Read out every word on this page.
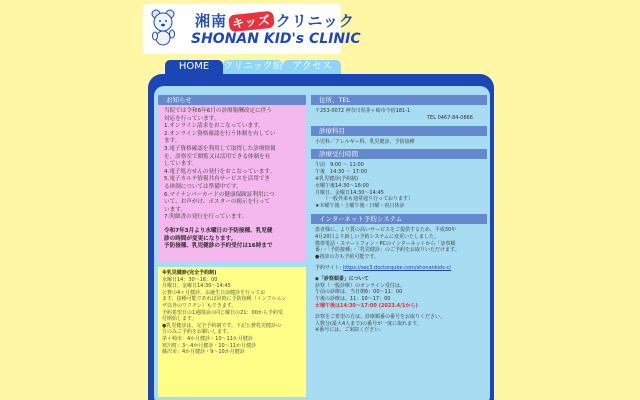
湘南 キッズ クリニック
SHONAN KID's CLINIC
HOME	クリニック紹 アクセス
お知らせ

当院では令和6年6月の診療報酬改定に伴う

対応を行っています。

1.オンライン請求をおこなっています。

2.オンライン資格確認を行う体制を有してい

ます。

3.電子資格確認を利用して取得した診療情報

を、診察室で閲覧又は活用できる体制を有

しています。

4.電子処方せんの発行をおこなっています。

5.電子カルテ情報共有サービスを活用でき

る体制については準備中です。

6.マイナンバーカードの健康保険証利用につ

いて、お声がけ、ポスターの掲示を行って

います。

7.明細書の発行を行っています。

令和7年3月より水曜日の予防接種、乳児健

診の時間が変更になります。

予防接種、乳児健診の予約受付は16時まで

※乳児健診(完全予約制)

水曜日14：30～16：00

月曜日、金曜日14:30～14:45

公費の4ヶ月健診、お誕生日前健診を行ってお

ます。接種可能であれば同時に予防接種（インフルエン

ザ以外のワクチン）もできます。

予約希望日の1週間前の同じ曜日の21：00から予約受

付開始します。

●乳児健診は、完全予約制です。下記公費乳児健診の

方のみご予約をお願いします。

茅ヶ崎市：4か月健診・10～11か月健診

寒川町：3～4か月健診・10～11か月健診

藤沢市：4か月健診・9～10か月健診

住所、TEL

〒253-0072 神奈川県茅ヶ崎市今宿181-1

TEL 0467-84-0866

診療科目
小児科／アレルギー科、乳児健診、予防接種
診療受付時間

午前　9:00 ～ 11:00

午後　14:30 ～ 17:00

※乳児健診(予約制)

水曜午後14:30～16:00

月曜日、金曜日14:30～14:45

（一般外来も通常通り行っております）

★木曜午後・土曜午後・日曜・祝日休診

インターネット予約システム

患者様に、より質の高いサービスをご提供するため、平成30年

4月20日より新しい予約システムに変更いたしました。

携帯電話・スマートフォン・PCのインターネットから「診察順

番」・「予防接種」・「乳児健診」のご予約をお取りいただけます。

●初診の方も予約可能です。

予約サイト: https://sec3.doctorqube.com/shonankids-c/

◆「診察順番」について

診察（一般診療）のオンライン受付は、

午前の診療は、当日朝6：00～11：00

午後の診療は、11：10～17：00

水曜午後は14:30～17:00 (2023.4/1から)

診察をご希望の方は、診療順番の番号をお取りください。

人数分(最大4人まで)の番号が一度に取れます。

※番号には、ご来院ください。
